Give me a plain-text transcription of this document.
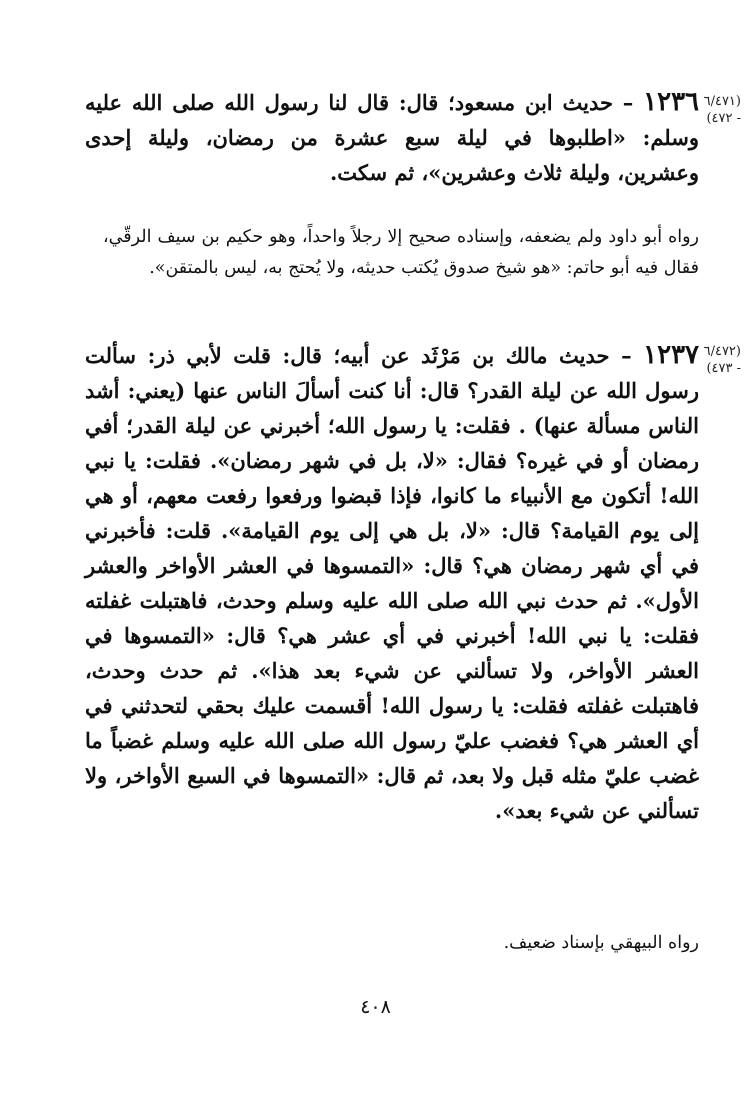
(٦/٤٧١ - ٤٧٢)
١٢٣٦ – حديث ابن مسعود؛ قال: قال لنا رسول الله صلى الله عليه وسلم: «اطلبوها في ليلة سبع عشرة من رمضان، وليلة إحدى وعشرين، وليلة ثلاث وعشرين»، ثم سكت.
رواه أبو داود ولم يضعفه، وإسناده صحيح إلا رجلاً واحداً، وهو حكيم بن سيف الرقّي، فقال فيه أبو حاتم: «هو شيخ صدوق يُكتب حديثه، ولا يُحتج به، ليس بالمتقن».
(٦/٤٧٢ - ٤٧٣)
١٢٣٧ – حديث مالك بن مَرْثَد عن أبيه؛ قال: قلت لأبي ذر: سألت رسول الله عن ليلة القدر؟ قال: أنا كنت أسألَ الناس عنها (يعني: أشد الناس مسألة عنها) . فقلت: يا رسول الله؛ أخبرني عن ليلة القدر؛ أفي رمضان أو في غيره؟ فقال: «لا، بل في شهر رمضان». فقلت: يا نبي الله! أتكون مع الأنبياء ما كانوا، فإذا قبضوا ورفعوا رفعت معهم، أو هي إلى يوم القيامة؟ قال: «لا، بل هي إلى يوم القيامة». قلت: فأخبرني في أي شهر رمضان هي؟ قال: «التمسوها في العشر الأواخر والعشر الأول». ثم حدث نبي الله صلى الله عليه وسلم وحدث، فاهتبلت غفلته فقلت: يا نبي الله! أخبرني في أي عشر هي؟ قال: «التمسوها في العشر الأواخر، ولا تسألني عن شيء بعد هذا». ثم حدث وحدث، فاهتبلت غفلته فقلت: يا رسول الله! أقسمت عليك بحقي لتحدثني في أي العشر هي؟ فغضب عليّ رسول الله صلى الله عليه وسلم غضباً ما غضب عليّ مثله قبل ولا بعد، ثم قال: «التمسوها في السبع الأواخر، ولا تسألني عن شيء بعد».
رواه البيهقي بإسناد ضعيف.
٤٠٨
